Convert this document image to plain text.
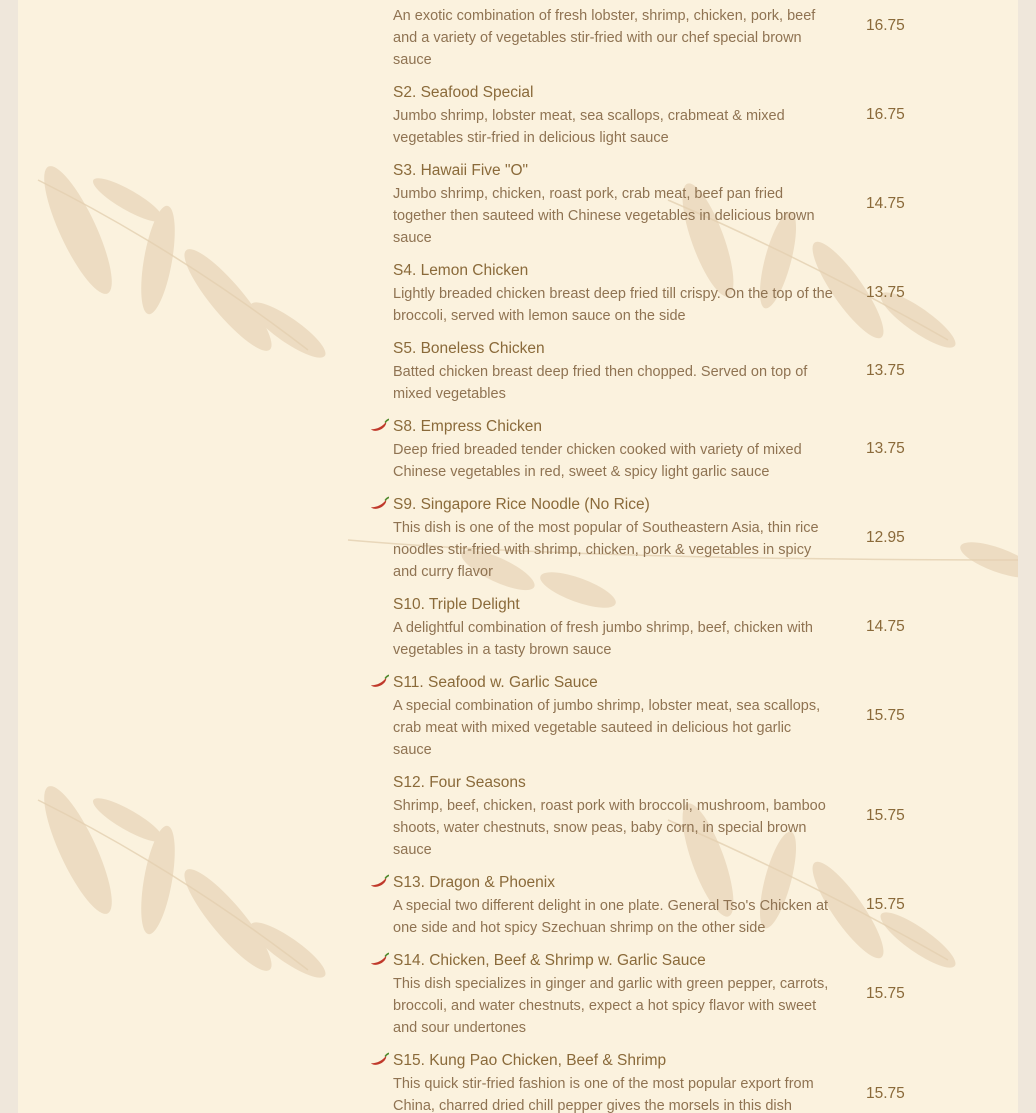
An exotic combination of fresh lobster, shrimp, chicken, pork, beef and a variety of vegetables stir-fried with our chef special brown sauce
16.75
S2. Seafood Special
Jumbo shrimp, lobster meat, sea scallops, crabmeat & mixed vegetables stir-fried in delicious light sauce
16.75
S3. Hawaii Five "O"
Jumbo shrimp, chicken, roast pork, crab meat, beef pan fried together then sauteed with Chinese vegetables in delicious brown sauce
14.75
S4. Lemon Chicken
Lightly breaded chicken breast deep fried till crispy. On the top of the broccoli, served with lemon sauce on the side
13.75
S5. Boneless Chicken
Batted chicken breast deep fried then chopped. Served on top of mixed vegetables
13.75
S8. Empress Chicken
Deep fried breaded tender chicken cooked with variety of mixed Chinese vegetables in red, sweet & spicy light garlic sauce
13.75
S9. Singapore Rice Noodle (No Rice)
This dish is one of the most popular of Southeastern Asia, thin rice noodles stir-fried with shrimp, chicken, pork & vegetables in spicy and curry flavor
12.95
S10. Triple Delight
A delightful combination of fresh jumbo shrimp, beef, chicken with vegetables in a tasty brown sauce
14.75
S11. Seafood w. Garlic Sauce
A special combination of jumbo shrimp, lobster meat, sea scallops, crab meat with mixed vegetable sauteed in delicious hot garlic sauce
15.75
S12. Four Seasons
Shrimp, beef, chicken, roast pork with broccoli, mushroom, bamboo shoots, water chestnuts, snow peas, baby corn, in special brown sauce
15.75
S13. Dragon & Phoenix
A special two different delight in one plate. General Tso's Chicken at one side and hot spicy Szechuan shrimp on the other side
15.75
S14. Chicken, Beef & Shrimp w. Garlic Sauce
This dish specializes in ginger and garlic with green pepper, carrots, broccoli, and water chestnuts, expect a hot spicy flavor with sweet and sour undertones
15.75
S15. Kung Pao Chicken, Beef & Shrimp
This quick stir-fried fashion is one of the most popular export from China, charred dried chill pepper gives the morsels in this dish
15.75
